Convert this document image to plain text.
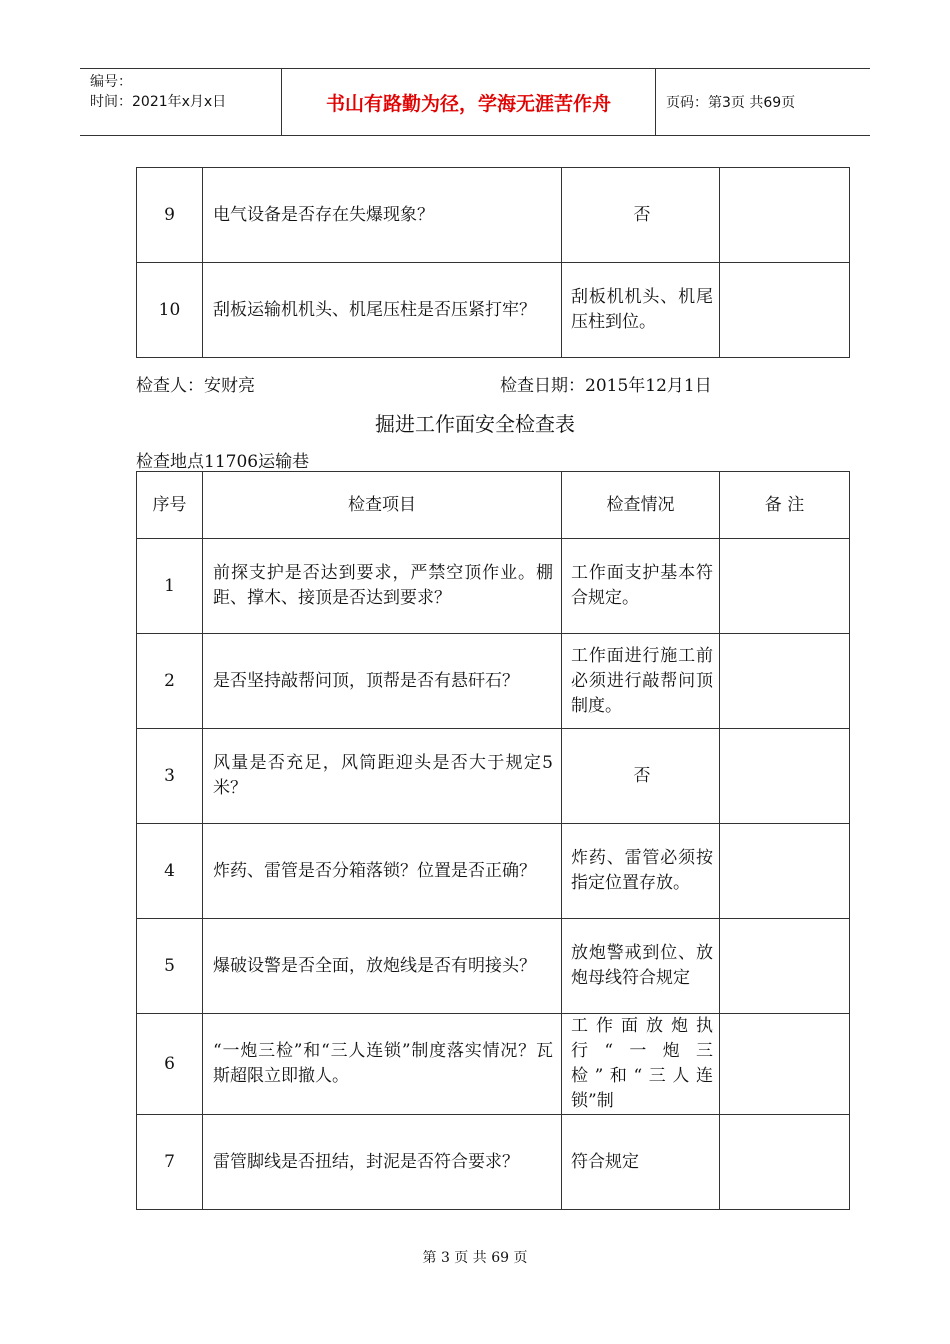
编号：
时间：2021年x月x日	书山有路勤为径，学海无涯苦作舟	页码：第3页 共69页
9	电气设备是否存在失爆现象？	否	
10	刮板运输机机头、机尾压柱是否压紧打牢？	刮板机机头、机尾压柱到位。	
检查人：安财亮	检查日期：2015年12月1日
掘进工作面安全检查表
检查地点11706运输巷
序号	检查项目	检查情况	备 注
1	前探支护是否达到要求，严禁空顶作业。棚距、撑木、接顶是否达到要求？	工作面支护基本符合规定。	
2	是否坚持敲帮问顶，顶帮是否有悬矸石？	工作面进行施工前必须进行敲帮问顶制度。	
3	风量是否充足，风筒距迎头是否大于规定5米？	否	
4	炸药、雷管是否分箱落锁？位置是否正确？	炸药、雷管必须按指定位置存放。	
5	爆破设警是否全面，放炮线是否有明接头？	放炮警戒到位、放炮母线符合规定	
6	“一炮三检”和“三人连锁”制度落实情况？瓦斯超限立即撤人。	工作面放炮执行“一炮三检”和“三人连锁”制	
7	雷管脚线是否扭结，封泥是否符合要求？	符合规定	
第 3 页 共 69 页
